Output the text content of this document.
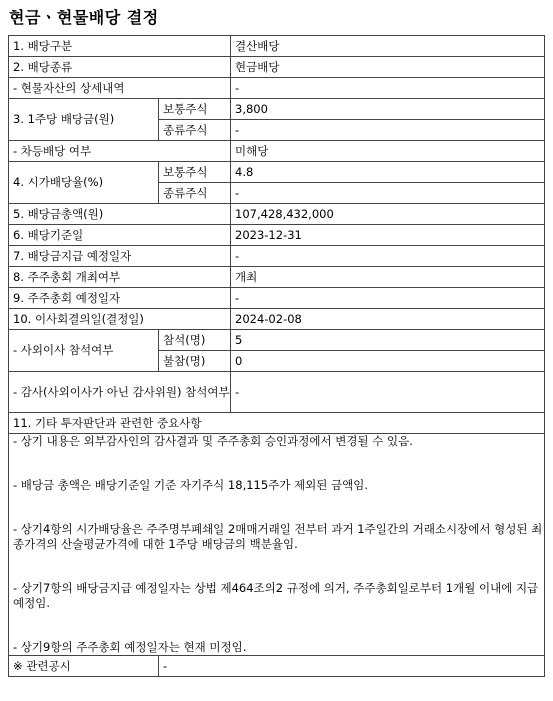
현금ㆍ현물배당 결정
1. 배당구분		결산배당
2. 배당종류		현금배당
- 현물자산의 상세내역		-
3. 1주당 배당금(원)	보통주식	3,800
	종류주식	-
- 차등배당 여부		미해당
4. 시가배당율(%)	보통주식	4.8
	종류주식	-
5. 배당금총액(원)		107,428,432,000
6. 배당기준일		2023-12-31
7. 배당금지급 예정일자		-
8. 주주총회 개최여부		개최
9. 주주총회 예정일자		-
10. 이사회결의일(결정일)		2024-02-08
- 사외이사 참석여부	참석(명)	5
	불참(명)	0
- 감사(사외이사가 아닌 감사위원) 참석여부		-
11. 기타 투자판단과 관련한 중요사항		

- 상기 내용은 외부감사인의 감사결과 및 주주총회 승인과정에서 변경될 수 있음.
- 배당금 총액은 배당기준일 기준 자기주식 18,115주가 제외된 금액임.
- 상기4항의 시가배당율은 주주명부폐쇄일 2매매거래일 전부터 과거 1주일간의 거래소시장에서 형성된 최종가격의 산술평균가격에 대한 1주당 배당금의 백분율임.
- 상기7항의 배당금지급 예정일자는 상법 제464조의2 규정에 의거, 주주총회일로부터 1개월 이내에 지급예정임.
- 상기9항의 주주총회 예정일자는 현재 미정임.		

※ 관련공시	-	
